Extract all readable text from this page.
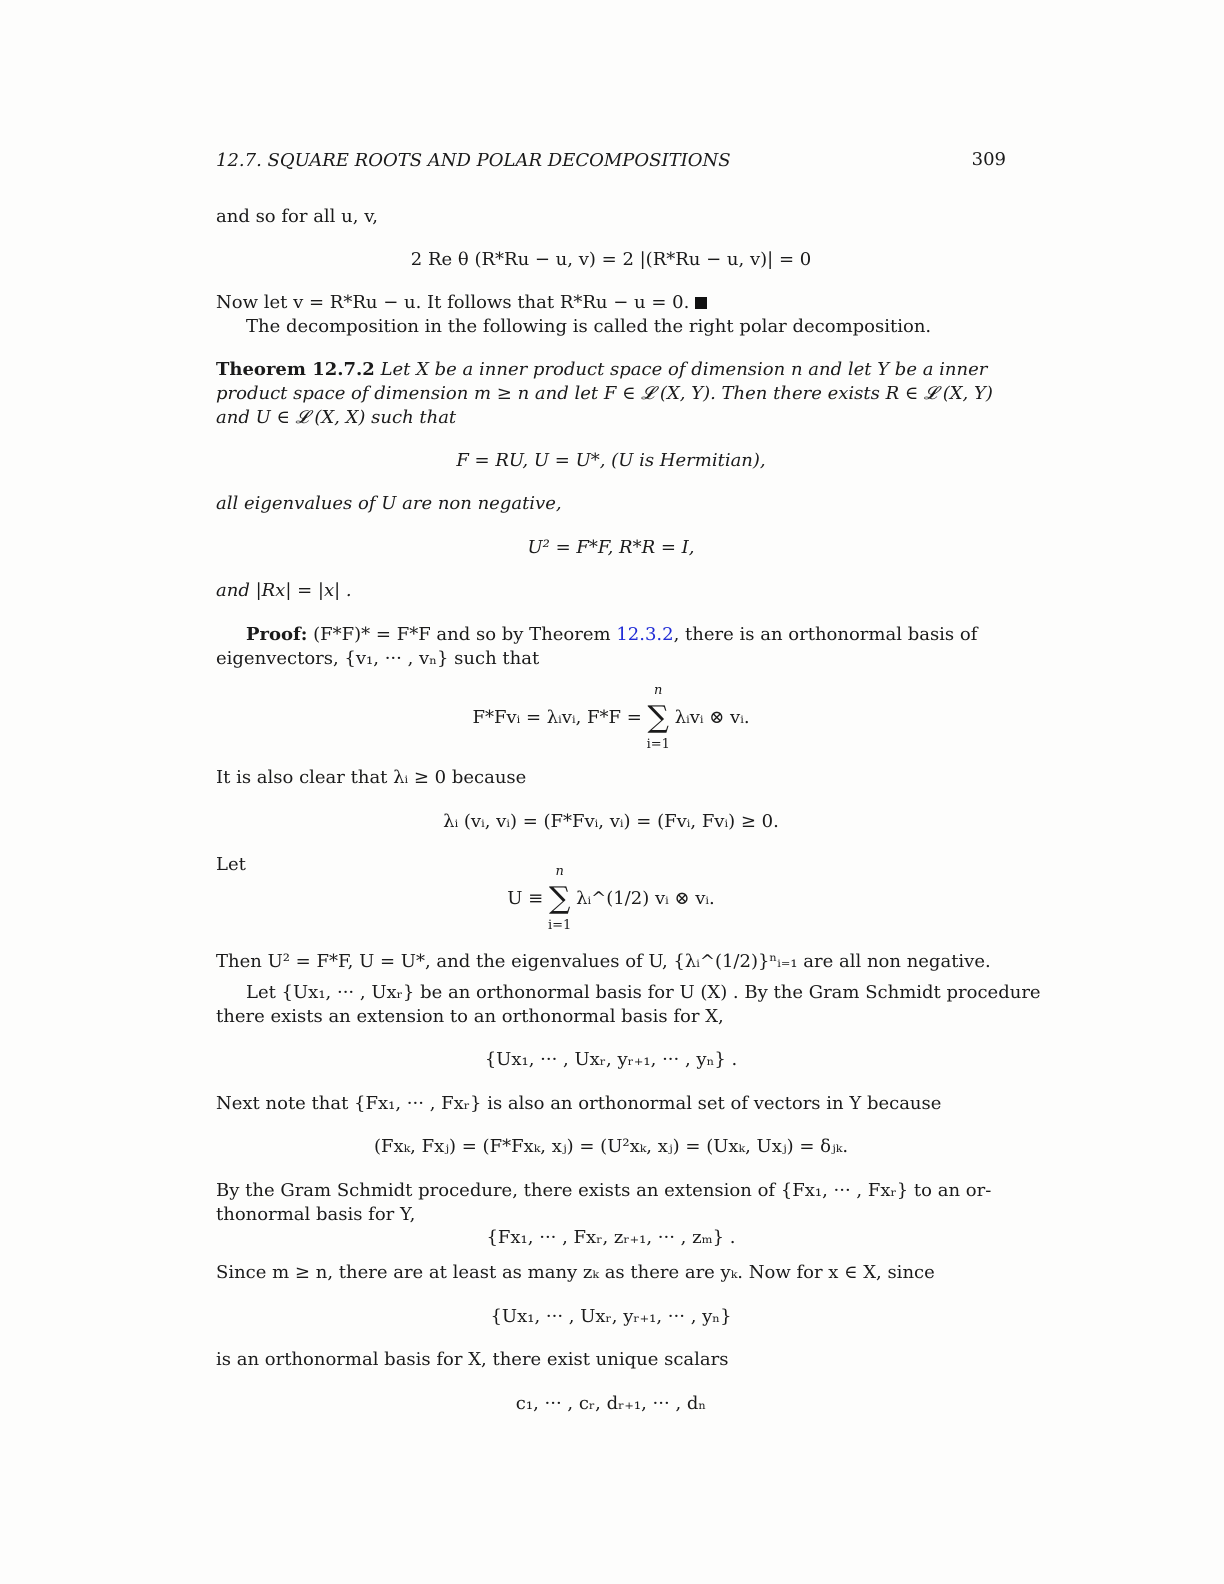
12.7. SQUARE ROOTS AND POLAR DECOMPOSITIONS	309
and so for all u, v,
2 Re θ (R*Ru − u, v) = 2 |(R*Ru − u, v)| = 0
Now let v = R*Ru − u. It follows that R*Ru − u = 0.
The decomposition in the following is called the right polar decomposition.
Theorem 12.7.2 Let X be a inner product space of dimension n and let Y be a inner
product space of dimension m ≥ n and let F ∈ 𝓛 (X, Y). Then there exists R ∈ 𝓛 (X, Y)
and U ∈ 𝓛 (X, X) such that
F = RU, U = U*, (U is Hermitian),
all eigenvalues of U are non negative,
U² = F*F, R*R = I,
and |Rx| = |x| .
Proof: (F*F)* = F*F and so by Theorem 12.3.2, there is an orthonormal basis of
eigenvectors, {v₁, ··· , vₙ} such that
F*Fvᵢ = λᵢvᵢ, F*F = ∑
n
i=1
λᵢvᵢ ⊗ vᵢ.
It is also clear that λᵢ ≥ 0 because
λᵢ (vᵢ, vᵢ) = (F*Fvᵢ, vᵢ) = (Fvᵢ, Fvᵢ) ≥ 0.
Let
U ≡ ∑
n
i=1
λᵢ^(1/2) vᵢ ⊗ vᵢ.
Then U² = F*F, U = U*, and the eigenvalues of U, {λᵢ^(1/2)}ⁿᵢ₌₁ are all non negative.
Let {Ux₁, ··· , Uxᵣ} be an orthonormal basis for U (X) . By the Gram Schmidt procedure
there exists an extension to an orthonormal basis for X,
{Ux₁, ··· , Uxᵣ, yᵣ₊₁, ··· , yₙ} .
Next note that {Fx₁, ··· , Fxᵣ} is also an orthonormal set of vectors in Y because
(Fxₖ, Fxⱼ) = (F*Fxₖ, xⱼ) = (U²xₖ, xⱼ) = (Uxₖ, Uxⱼ) = δⱼₖ.
By the Gram Schmidt procedure, there exists an extension of {Fx₁, ··· , Fxᵣ} to an or-
thonormal basis for Y,
{Fx₁, ··· , Fxᵣ, zᵣ₊₁, ··· , zₘ} .
Since m ≥ n, there are at least as many zₖ as there are yₖ. Now for x ∈ X, since
{Ux₁, ··· , Uxᵣ, yᵣ₊₁, ··· , yₙ}
is an orthonormal basis for X, there exist unique scalars
c₁, ··· , cᵣ, dᵣ₊₁, ··· , dₙ
